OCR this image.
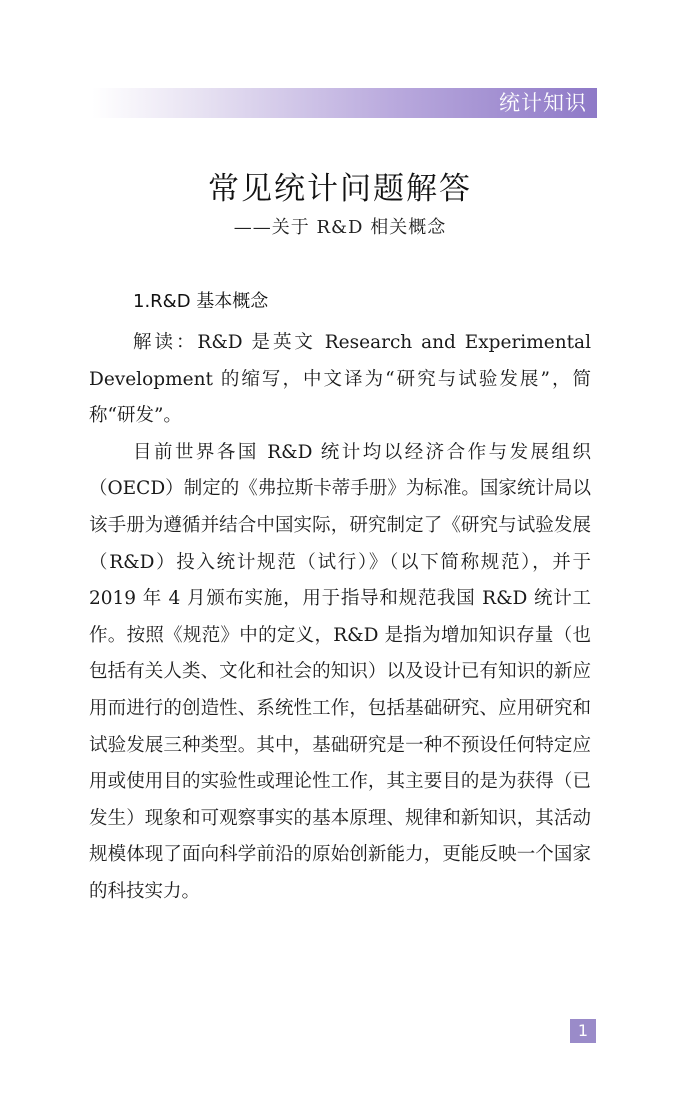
统计知识
常见统计问题解答
——关于 R&D 相关概念
1.R&D 基本概念

解读：R&D 是英文 Research and Experimental Development 的缩写，中文译为“研究与试验发展”，简称“研发”。

目前世界各国 R&D 统计均以经济合作与发展组织（OECD）制定的《弗拉斯卡蒂手册》为标准。国家统计局以该手册为遵循并结合中国实际，研究制定了《研究与试验发展（R&D）投入统计规范（试行）》（以下简称规范），并于 2019 年 4 月颁布实施，用于指导和规范我国 R&D 统计工作。按照《规范》中的定义，R&D 是指为增加知识存量（也包括有关人类、文化和社会的知识）以及设计已有知识的新应用而进行的创造性、系统性工作，包括基础研究、应用研究和试验发展三种类型。其中，基础研究是一种不预设任何特定应用或使用目的实验性或理论性工作，其主要目的是为获得（已发生）现象和可观察事实的基本原理、规律和新知识，其活动规模体现了面向科学前沿的原始创新能力，更能反映一个国家的科技实力。

1
